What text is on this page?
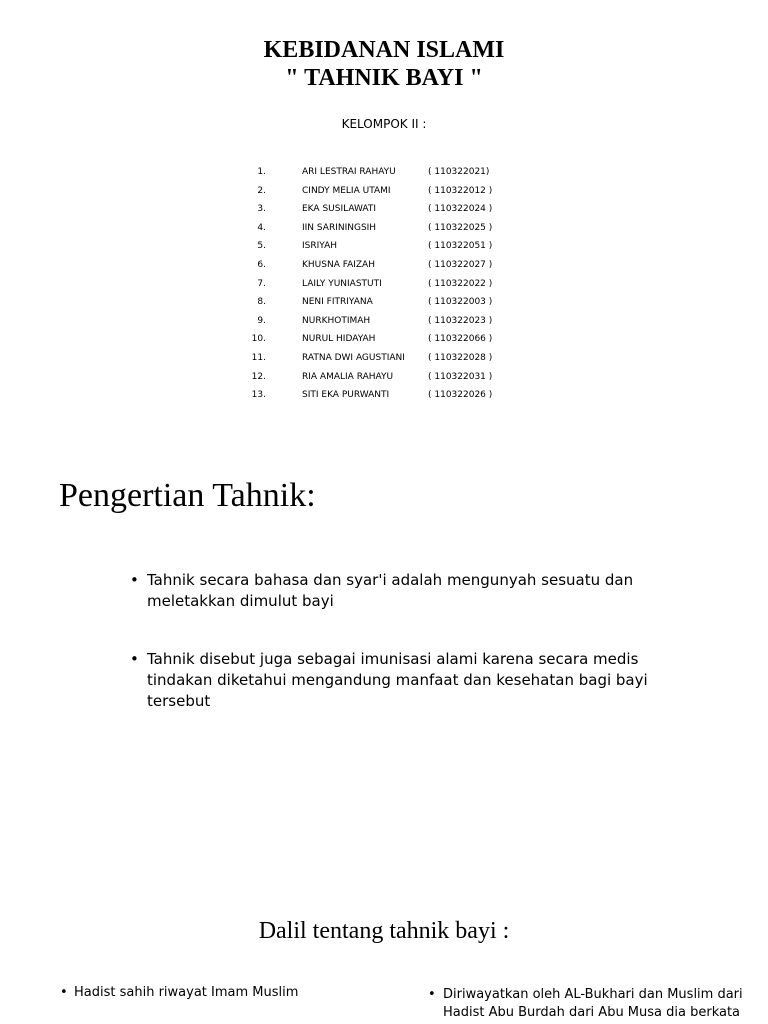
KEBIDANAN ISLAMI
" TAHNIK BAYI "
KELOMPOK II :
1.	ARI LESTRAI RAHAYU	( 110322021)
2.	CINDY MELIA UTAMI	( 110322012 )
3.	EKA SUSILAWATI	( 110322024 )
4.	IIN SARININGSIH	( 110322025 )
5.	ISRIYAH	( 110322051 )
6.	KHUSNA FAIZAH	( 110322027 )
7.	LAILY YUNIASTUTI	( 110322022 )
8.	NENI FITRIYANA	( 110322003 )
9.	NURKHOTIMAH	( 110322023 )
10.	NURUL HIDAYAH	( 110322066 )
11.	RATNA DWI AGUSTIANI	( 110322028 )
12.	RIA AMALIA RAHAYU	( 110322031 )
13.	SITI EKA PURWANTI	( 110322026 )
Pengertian Tahnik:
• Tahnik secara bahasa dan syar'i adalah mengunyah sesuatu dan meletakkan dimulut bayi
• Tahnik disebut juga sebagai imunisasi alami karena secara medis tindakan diketahui mengandung manfaat dan kesehatan bagi bayi tersebut
Dalil tentang tahnik bayi :
• Hadist sahih riwayat Imam Muslim	• Diriwayatkan oleh AL-Bukhari dan Muslim dari Hadist Abu Burdah dari Abu Musa dia berkata
